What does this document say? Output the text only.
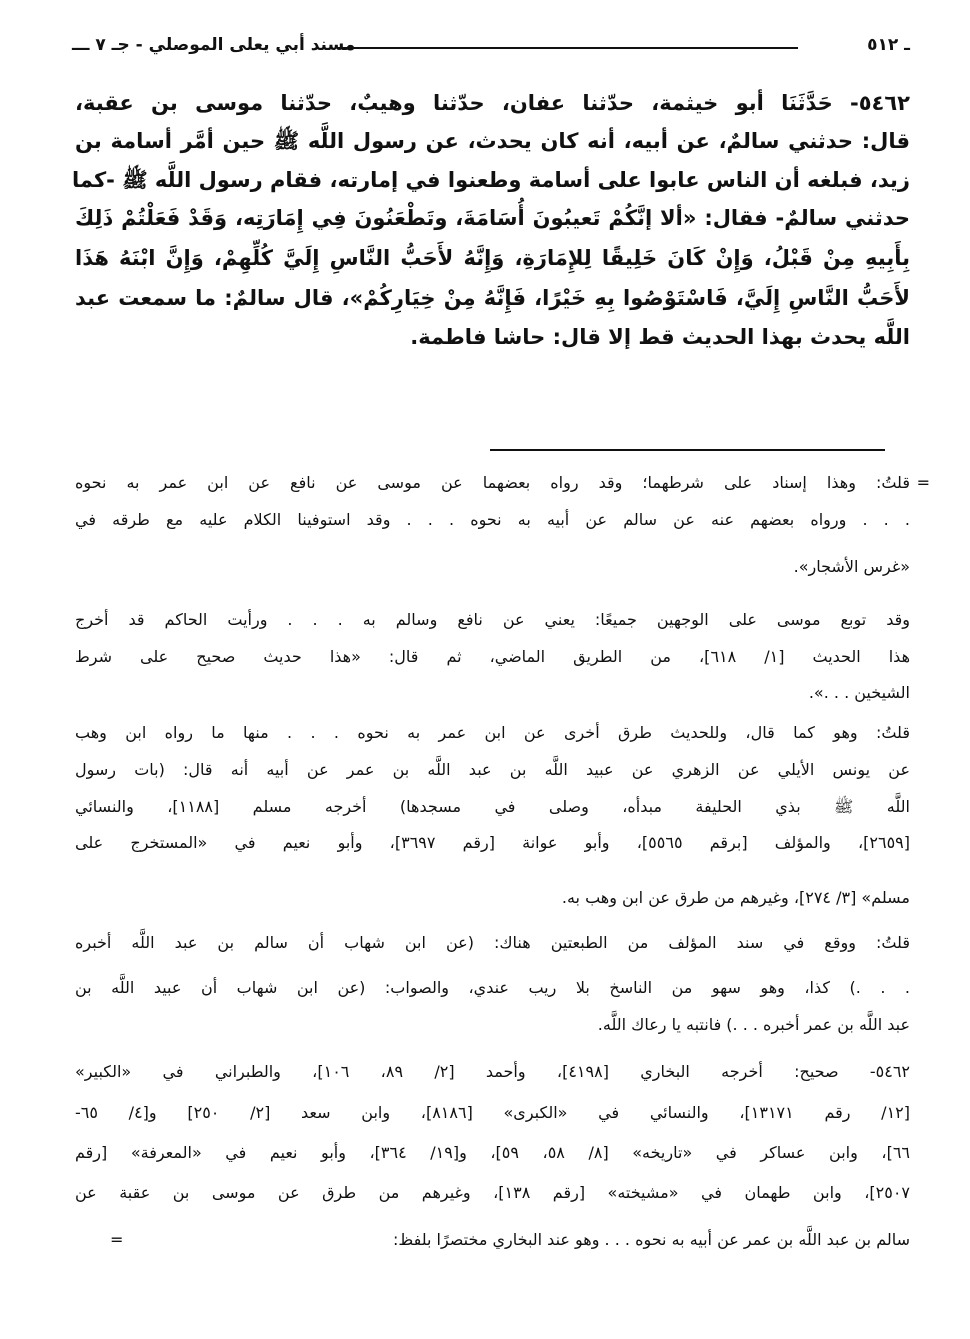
ـ ٥١٢
مسند أبي يعلى الموصلي - جـ ٧ ـــ
٥٤٦٢- حَدَّثَنَا أبو خيثمة، حدّثنا عفان، حدّثنا وهيبٌ، حدّثنا موسى بن عقبة،
قال: حدثني سالمٌ، عن أبيه، أنه كان يحدث، عن رسول اللَّه ﷺ حين أمَّر أسامة بن
زيد، فبلغه أن الناس عابوا على أسامة وطعنوا في إمارته، فقام رسول اللَّه ﷺ -كما
حدثني سالمٌ- فقال: «ألا إنَّكُمْ تَعيبُونَ أُسَامَةَ، وتَطْعَنُونَ فِي إِمَارَتِه، وَقَدْ فَعَلْتُمْ ذَلِكَ
بِأَبِيهِ مِنْ قَبْلُ، وَإِنْ كَانَ خَلِيقًا لِلإِمَارَةِ، وَإِنَّهُ لأَحَبُّ النَّاسِ إِلَيَّ كُلِّهِمْ، وَإِنَّ ابْنَهُ هَذَا
لأَحَبُّ النَّاسِ إِلَيَّ، فَاسْتَوْصُوا بِهِ خَيْرًا، فَإِنَّهُ مِنْ خِيَارِكُمْ»، قال سالمٌ: ما سمعت عبد
اللَّه يحدث بهذا الحديث قط إلا قال: حاشا فاطمة.
=
قلتُ: وهذا إسناد على شرطهما؛ وقد رواه بعضهما عن موسى عن نافع عن ابن عمر به نحوه
. . . ورواه بعضهم عنه عن سالم عن أبيه به نحوه . . . وقد استوفينا الكلام عليه مع طرقه في
«غرس الأشجار».
وقد توبع موسى على الوجهين جميعًا: يعني عن نافع وسالم به . . . ورأيت الحاكم قد أخرج
هذا الحديث [١/ ٦١٨]، من الطريق الماضي، ثم قال: «هذا حديث صحيح على شرط
الشيخين . . .».
قلتُ: وهو كما قال، وللحديث طرق أخرى عن ابن عمر به نحوه . . . منها ما رواه ابن وهب
عن يونس الأيلي عن الزهري عن عبيد اللَّه بن عبد اللَّه بن عمر عن أبيه أنه قال: (بات رسول
اللَّه ﷺ بذي الحليفة مبدأه، وصلى في مسجدها) أخرجه مسلم [١١٨٨]، والنسائي
[٢٦٥٩]، والمؤلف [برقم ٥٥٦٥]، وأبو عوانة [رقم ٣٦٩٧]، وأبو نعيم في «المستخرج على
مسلم» [٣/ ٢٧٤]، وغيرهم من طرق عن ابن وهب به.
قلتُ: ووقع في سند المؤلف من الطبعتين هناك: (عن ابن شهاب أن سالم بن عبد اللَّه أخبره
. . .) كذا، وهو سهو من الناسخ بلا ريب عندي، والصواب: (عن ابن شهاب أن عبيد اللَّه بن
عبد اللَّه بن عمر أخبره . . .) فانتبه يا رعاك اللَّه.
٥٤٦٢- صحيح: أخرجه البخاري [٤١٩٨]، وأحمد [٢/ ٨٩، ١٠٦]، والطبراني في «الكبير»
[١٢/ رقم ١٣١٧١]، والنسائي في «الكبرى» [٨١٨٦]، وابن سعد [٢/ ٢٥٠] و[٤/ ٦٥-
٦٦]، وابن عساكر في «تاريخه» [٨/ ٥٨، ٥٩]، و[١٩/ ٣٦٤]، وأبو نعيم في «المعرفة» [رقم
٢٥٠٧]، وابن طهمان في «مشيخته» [رقم ١٣٨]، وغيرهم من طرق عن موسى بن عقبة عن
سالم بن عبد اللَّه بن عمر عن أبيه به نحوه . . . وهو عند البخاري مختصرًا بلفظ:
=
